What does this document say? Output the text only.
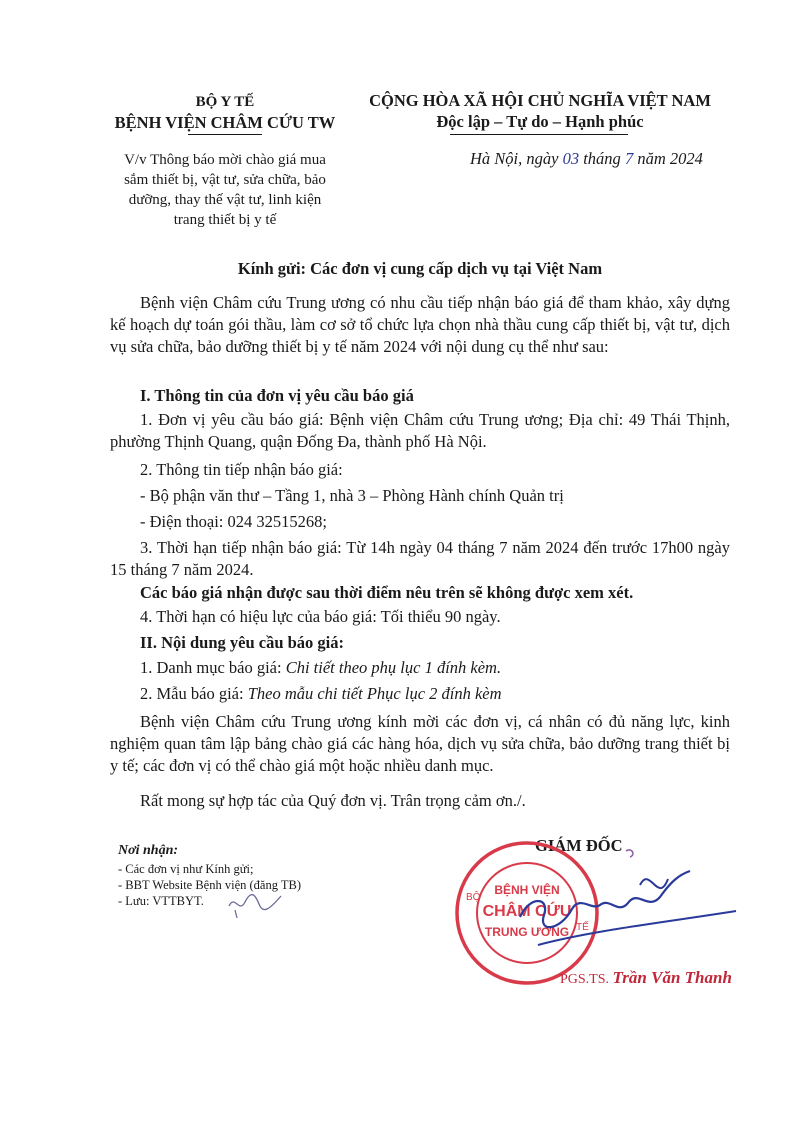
BỘ Y TẾ
BỆNH VIỆN CHÂM CỨU TW
V/v Thông báo mời chào giá mua
sắm thiết bị, vật tư, sửa chữa, bảo
dưỡng, thay thế vật tư, linh kiện
trang thiết bị y tế
CỘNG HÒA XÃ HỘI CHỦ NGHĨA VIỆT NAM
Độc lập – Tự do – Hạnh phúc
Hà Nội, ngày 03 tháng 7 năm 2024
Kính gửi: Các đơn vị cung cấp dịch vụ tại Việt Nam
Bệnh viện Châm cứu Trung ương có nhu cầu tiếp nhận báo giá để tham khảo, xây dựng kế hoạch dự toán gói thầu, làm cơ sở tổ chức lựa chọn nhà thầu cung cấp thiết bị, vật tư, dịch vụ sửa chữa, bảo dưỡng thiết bị y tế năm 2024 với nội dung cụ thể như sau:
I. Thông tin của đơn vị yêu cầu báo giá
1. Đơn vị yêu cầu báo giá: Bệnh viện Châm cứu Trung ương; Địa chỉ: 49 Thái Thịnh, phường Thịnh Quang, quận Đống Đa, thành phố Hà Nội.
2. Thông tin tiếp nhận báo giá:
- Bộ phận văn thư – Tầng 1, nhà 3 – Phòng Hành chính Quản trị
- Điện thoại: 024 32515268;
3. Thời hạn tiếp nhận báo giá: Từ 14h ngày 04 tháng 7 năm 2024 đến trước 17h00 ngày 15 tháng 7 năm 2024.
Các báo giá nhận được sau thời điểm nêu trên sẽ không được xem xét.
4. Thời hạn có hiệu lực của báo giá: Tối thiểu 90 ngày.
II. Nội dung yêu cầu báo giá:
1. Danh mục báo giá: Chi tiết theo phụ lục 1 đính kèm.
2. Mẫu báo giá: Theo mẫu chi tiết Phục lục 2 đính kèm
Bệnh viện Châm cứu Trung ương kính mời các đơn vị, cá nhân có đủ năng lực, kinh nghiệm quan tâm lập bảng chào giá các hàng hóa, dịch vụ sửa chữa, bảo dưỡng trang thiết bị y tế; các đơn vị có thể chào giá một hoặc nhiều danh mục.
Rất mong sự hợp tác của Quý đơn vị. Trân trọng cảm ơn./.
Nơi nhận:
- Các đơn vị như Kính gửi;
- BBT Website Bệnh viện (đăng TB)
- Lưu: VTTBYT.
GIÁM ĐỐC
BỆNH VIỆN
CHÂM CỨU
TRUNG ƯƠNG
BỘ
TẾ
PGS.TS. Trần Văn Thanh
